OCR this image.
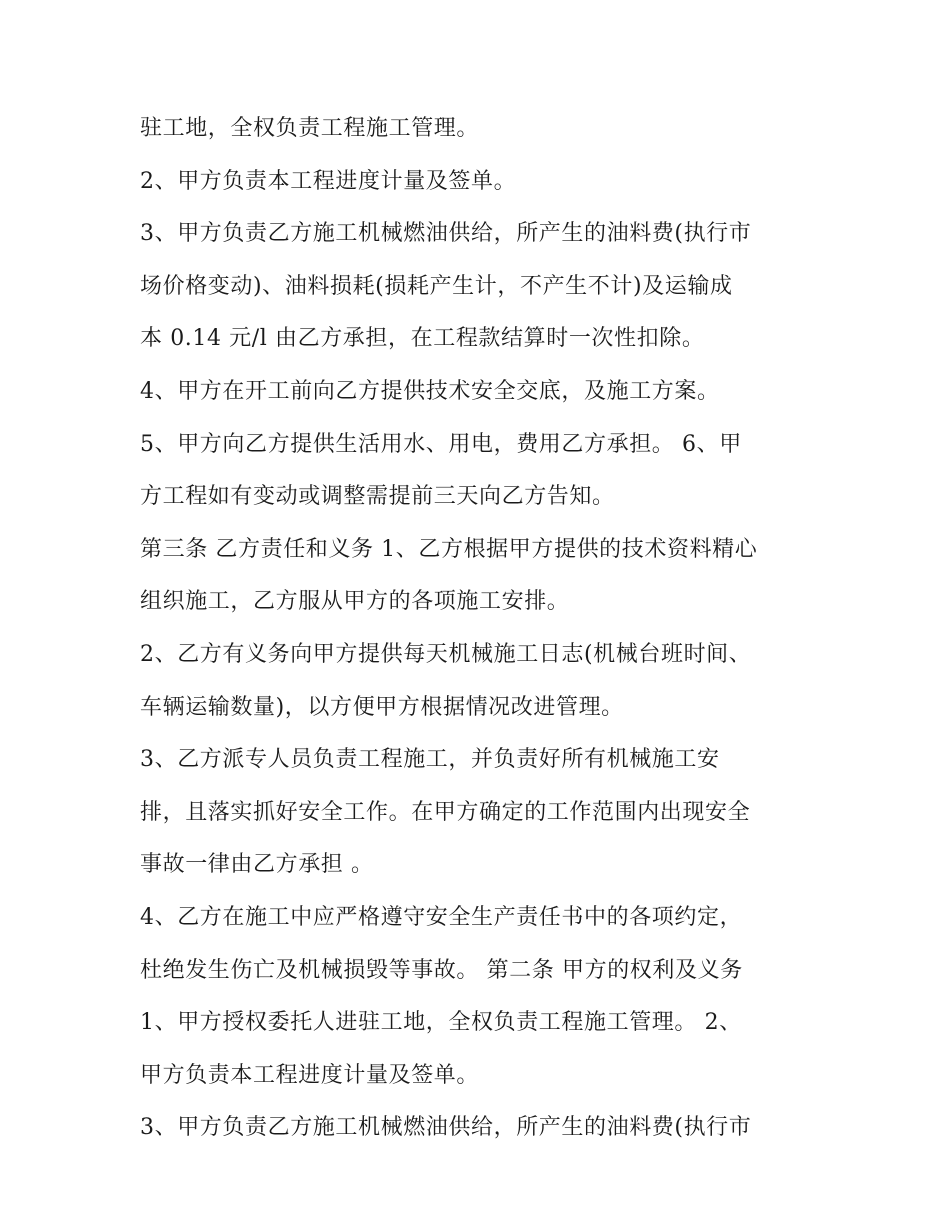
驻工地，全权负责工程施工管理。
2、甲方负责本工程进度计量及签单。
3、甲方负责乙方施工机械燃油供给，所产生的油料费(执行市
场价格变动)、油料损耗(损耗产生计，不产生不计)及运输成
本 0.14 元/l 由乙方承担，在工程款结算时一次性扣除。
4、甲方在开工前向乙方提供技术安全交底，及施工方案。
5、甲方向乙方提供生活用水、用电，费用乙方承担。 6、甲
方工程如有变动或调整需提前三天向乙方告知。
第三条 乙方责任和义务 1、乙方根据甲方提供的技术资料精心
组织施工，乙方服从甲方的各项施工安排。
2、乙方有义务向甲方提供每天机械施工日志(机械台班时间、
车辆运输数量)，以方便甲方根据情况改进管理。
3、乙方派专人员负责工程施工，并负责好所有机械施工安
排，且落实抓好安全工作。在甲方确定的工作范围内出现安全
事故一律由乙方承担 。
4、乙方在施工中应严格遵守安全生产责任书中的各项约定，
杜绝发生伤亡及机械损毁等事故。 第二条 甲方的权利及义务
1、甲方授权委托人进驻工地，全权负责工程施工管理。 2、
甲方负责本工程进度计量及签单。
3、甲方负责乙方施工机械燃油供给，所产生的油料费(执行市
